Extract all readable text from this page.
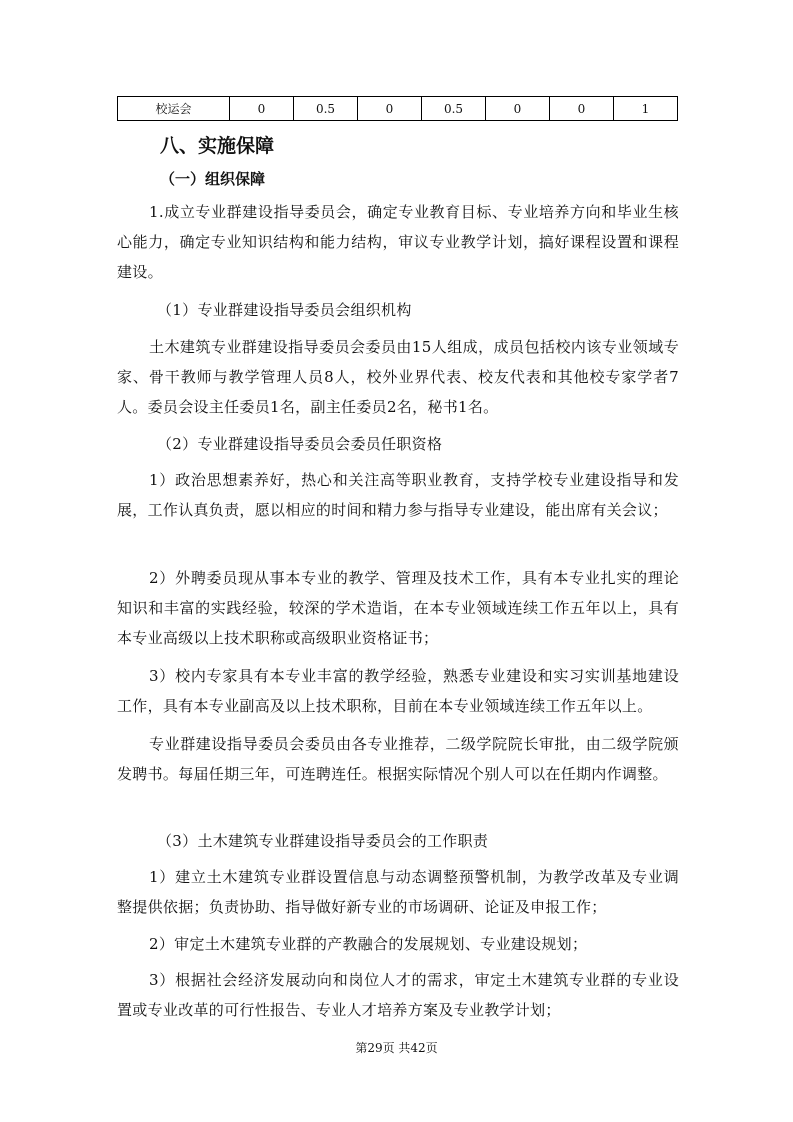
校运会	0	0.5	0	0.5	0	0	1
八、实施保障
（一）组织保障

1.成立专业群建设指导委员会，确定专业教育目标、专业培养方向和毕业生核心能力，确定专业知识结构和能力结构，审议专业教学计划，搞好课程设置和课程建设。

（1）专业群建设指导委员会组织机构

土木建筑专业群建设指导委员会委员由15人组成，成员包括校内该专业领域专家、骨干教师与教学管理人员8人，校外业界代表、校友代表和其他校专家学者7人。委员会设主任委员1名，副主任委员2名，秘书1名。

（2）专业群建设指导委员会委员任职资格

1）政治思想素养好，热心和关注高等职业教育，支持学校专业建设指导和发展，工作认真负责，愿以相应的时间和精力参与指导专业建设，能出席有关会议；

2）外聘委员现从事本专业的教学、管理及技术工作，具有本专业扎实的理论知识和丰富的实践经验，较深的学术造诣，在本专业领域连续工作五年以上，具有本专业高级以上技术职称或高级职业资格证书；

3）校内专家具有本专业丰富的教学经验，熟悉专业建设和实习实训基地建设工作，具有本专业副高及以上技术职称，目前在本专业领域连续工作五年以上。

专业群建设指导委员会委员由各专业推荐，二级学院院长审批，由二级学院颁发聘书。每届任期三年，可连聘连任。根据实际情况个别人可以在任期内作调整。

（3）土木建筑专业群建设指导委员会的工作职责

1）建立土木建筑专业群设置信息与动态调整预警机制，为教学改革及专业调整提供依据；负责协助、指导做好新专业的市场调研、论证及申报工作；

2）审定土木建筑专业群的产教融合的发展规划、专业建设规划；

3）根据社会经济发展动向和岗位人才的需求，审定土木建筑专业群的专业设置或专业改革的可行性报告、专业人才培养方案及专业教学计划；

第29页 共42页
